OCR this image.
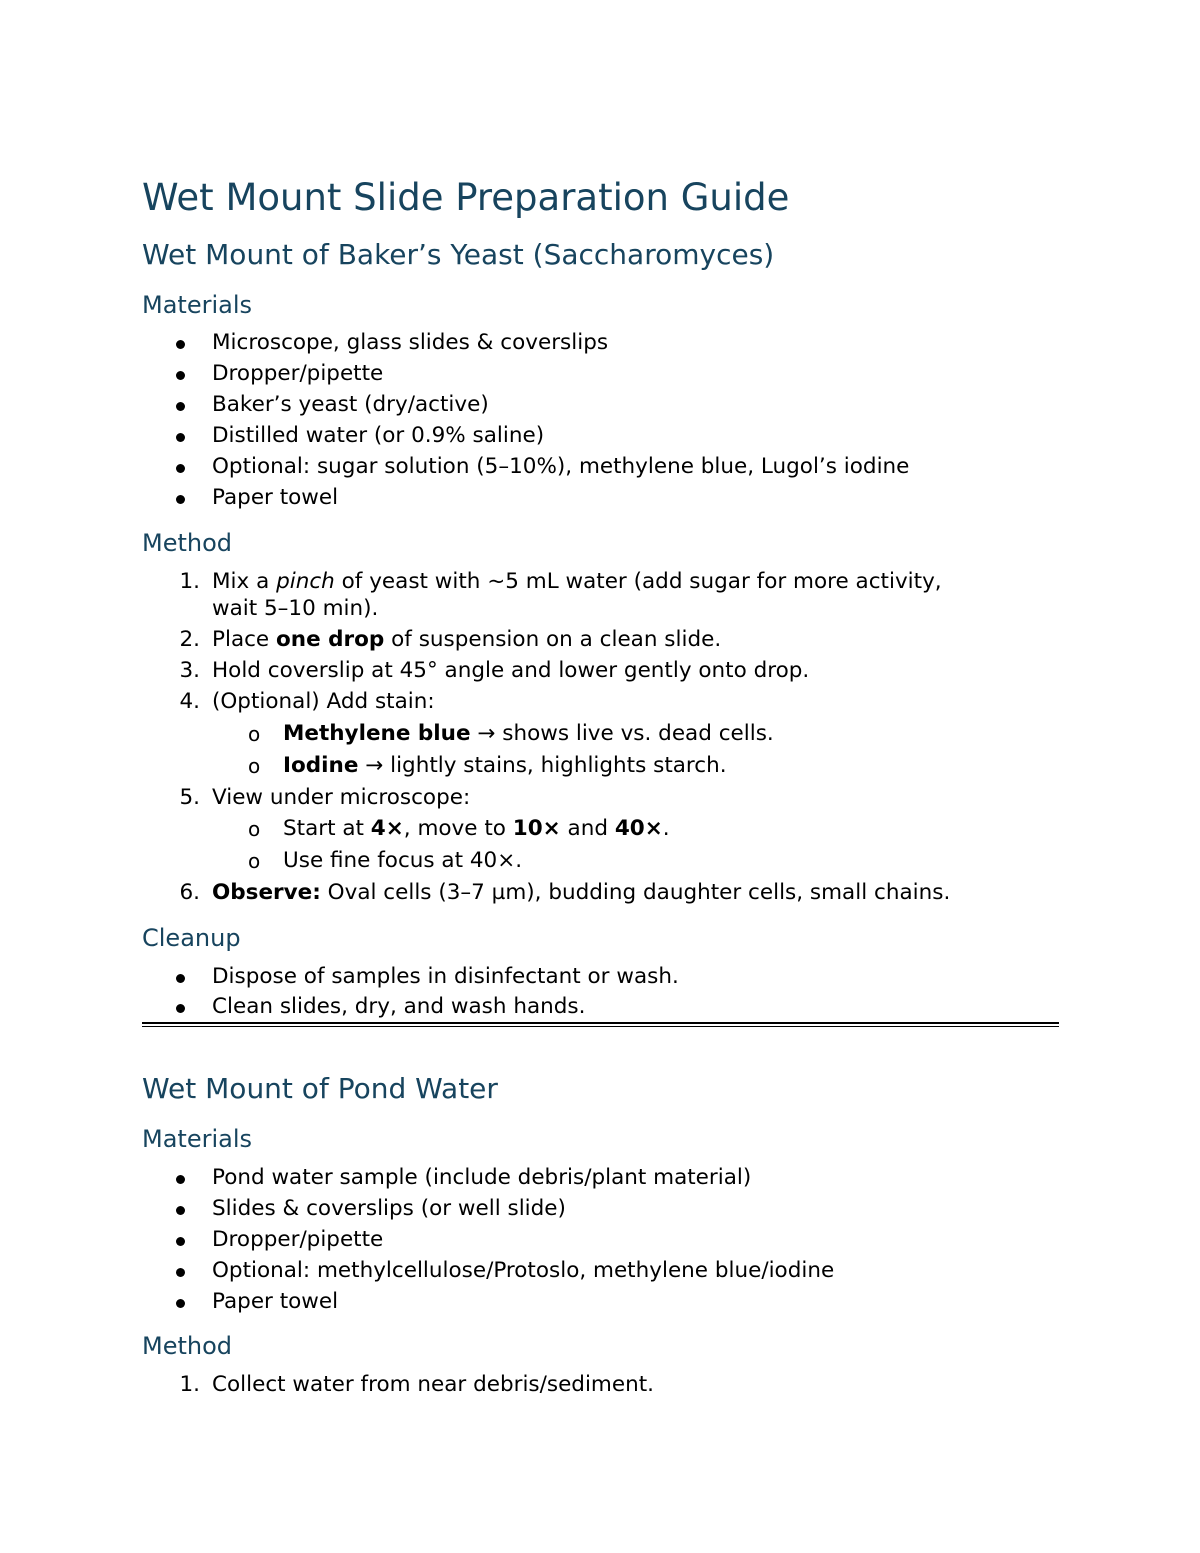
Wet Mount Slide Preparation Guide
Wet Mount of Baker’s Yeast (Saccharomyces)
Materials
Microscope, glass slides & coverslips
Dropper/pipette
Baker’s yeast (dry/active)
Distilled water (or 0.9% saline)
Optional: sugar solution (5–10%), methylene blue, Lugol’s iodine
Paper towel
Method
1. Mix a pinch of yeast with ~5 mL water (add sugar for more activity,
wait 5–10 min).
2. Place one drop of suspension on a clean slide.
3. Hold coverslip at 45° angle and lower gently onto drop.
4. (Optional) Add stain:
o Methylene blue → shows live vs. dead cells.
o Iodine → lightly stains, highlights starch.
5. View under microscope:
o Start at 4×, move to 10× and 40×.
o Use fine focus at 40×.
6. Observe: Oval cells (3–7 µm), budding daughter cells, small chains.
Cleanup
Dispose of samples in disinfectant or wash.
Clean slides, dry, and wash hands.
Wet Mount of Pond Water
Materials
Pond water sample (include debris/plant material)
Slides & coverslips (or well slide)
Dropper/pipette
Optional: methylcellulose/Protoslo, methylene blue/iodine
Paper towel
Method
1. Collect water from near debris/sediment.
